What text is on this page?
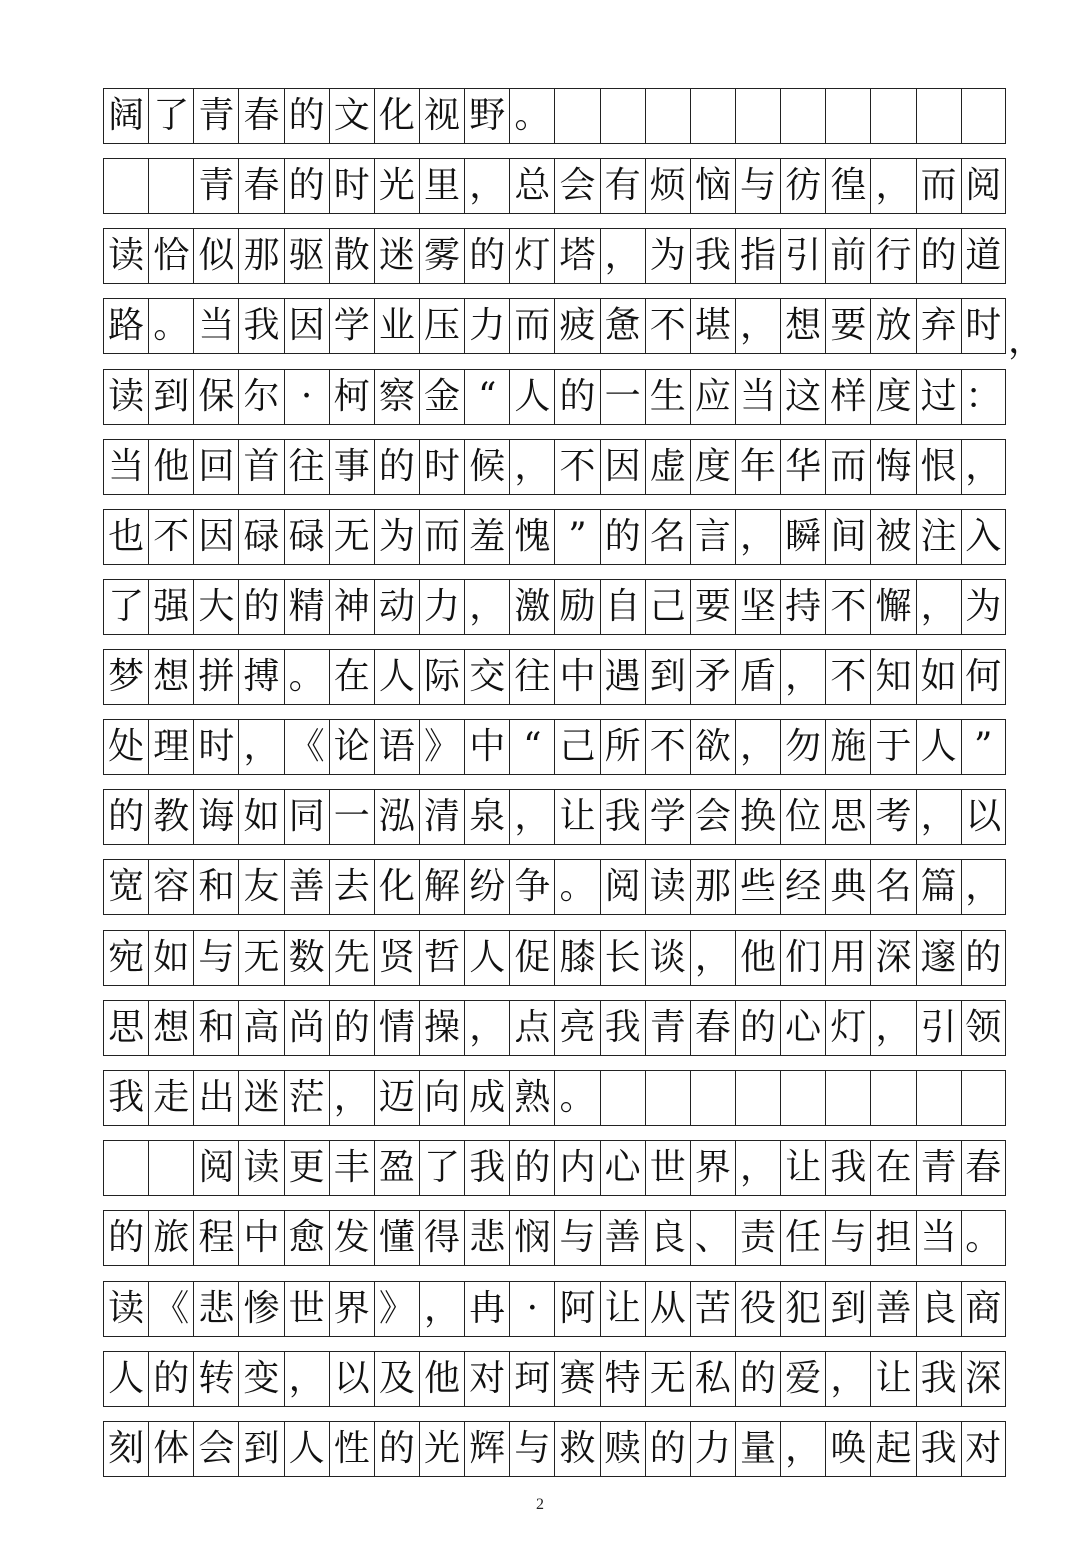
阔 了 青 春 的 文 化 视 野 。
青 春 的 时 光 里 ， 总 会 有 烦 恼 与 彷 徨 ， 而 阅
读 恰 似 那 驱 散 迷 雾 的 灯 塔 ， 为 我 指 引 前 行 的 道
路 。 当 我 因 学 业 压 力 而 疲 惫 不 堪 ， 想 要 放 弃 时
读 到 保 尔 · 柯 察 金 “ 人 的 一 生 应 当 这 样 度 过 ：
当 他 回 首 往 事 的 时 候 ， 不 因 虚 度 年 华 而 悔 恨 ，
也 不 因 碌 碌 无 为 而 羞 愧 ” 的 名 言 ， 瞬 间 被 注 入
了 强 大 的 精 神 动 力 ， 激 励 自 己 要 坚 持 不 懈 ， 为
梦 想 拼 搏 。 在 人 际 交 往 中 遇 到 矛 盾 ， 不 知 如 何
处 理 时 ， 《 论 语 》 中 “ 己 所 不 欲 ， 勿 施 于 人 ”
的 教 诲 如 同 一 泓 清 泉 ， 让 我 学 会 换 位 思 考 ， 以
宽 容 和 友 善 去 化 解 纷 争 。 阅 读 那 些 经 典 名 篇 ，
宛 如 与 无 数 先 贤 哲 人 促 膝 长 谈 ， 他 们 用 深 邃 的
思 想 和 高 尚 的 情 操 ， 点 亮 我 青 春 的 心 灯 ， 引 领
我 走 出 迷 茫 ， 迈 向 成 熟 。
阅 读 更 丰 盈 了 我 的 内 心 世 界 ， 让 我 在 青 春
的 旅 程 中 愈 发 懂 得 悲 悯 与 善 良 、 责 任 与 担 当 。
读 《 悲 惨 世 界 》 ， 冉 · 阿 让 从 苦 役 犯 到 善 良 商
人 的 转 变 ， 以 及 他 对 珂 赛 特 无 私 的 爱 ， 让 我 深
刻 体 会 到 人 性 的 光 辉 与 救 赎 的 力 量 ， 唤 起 我 对
，
2
